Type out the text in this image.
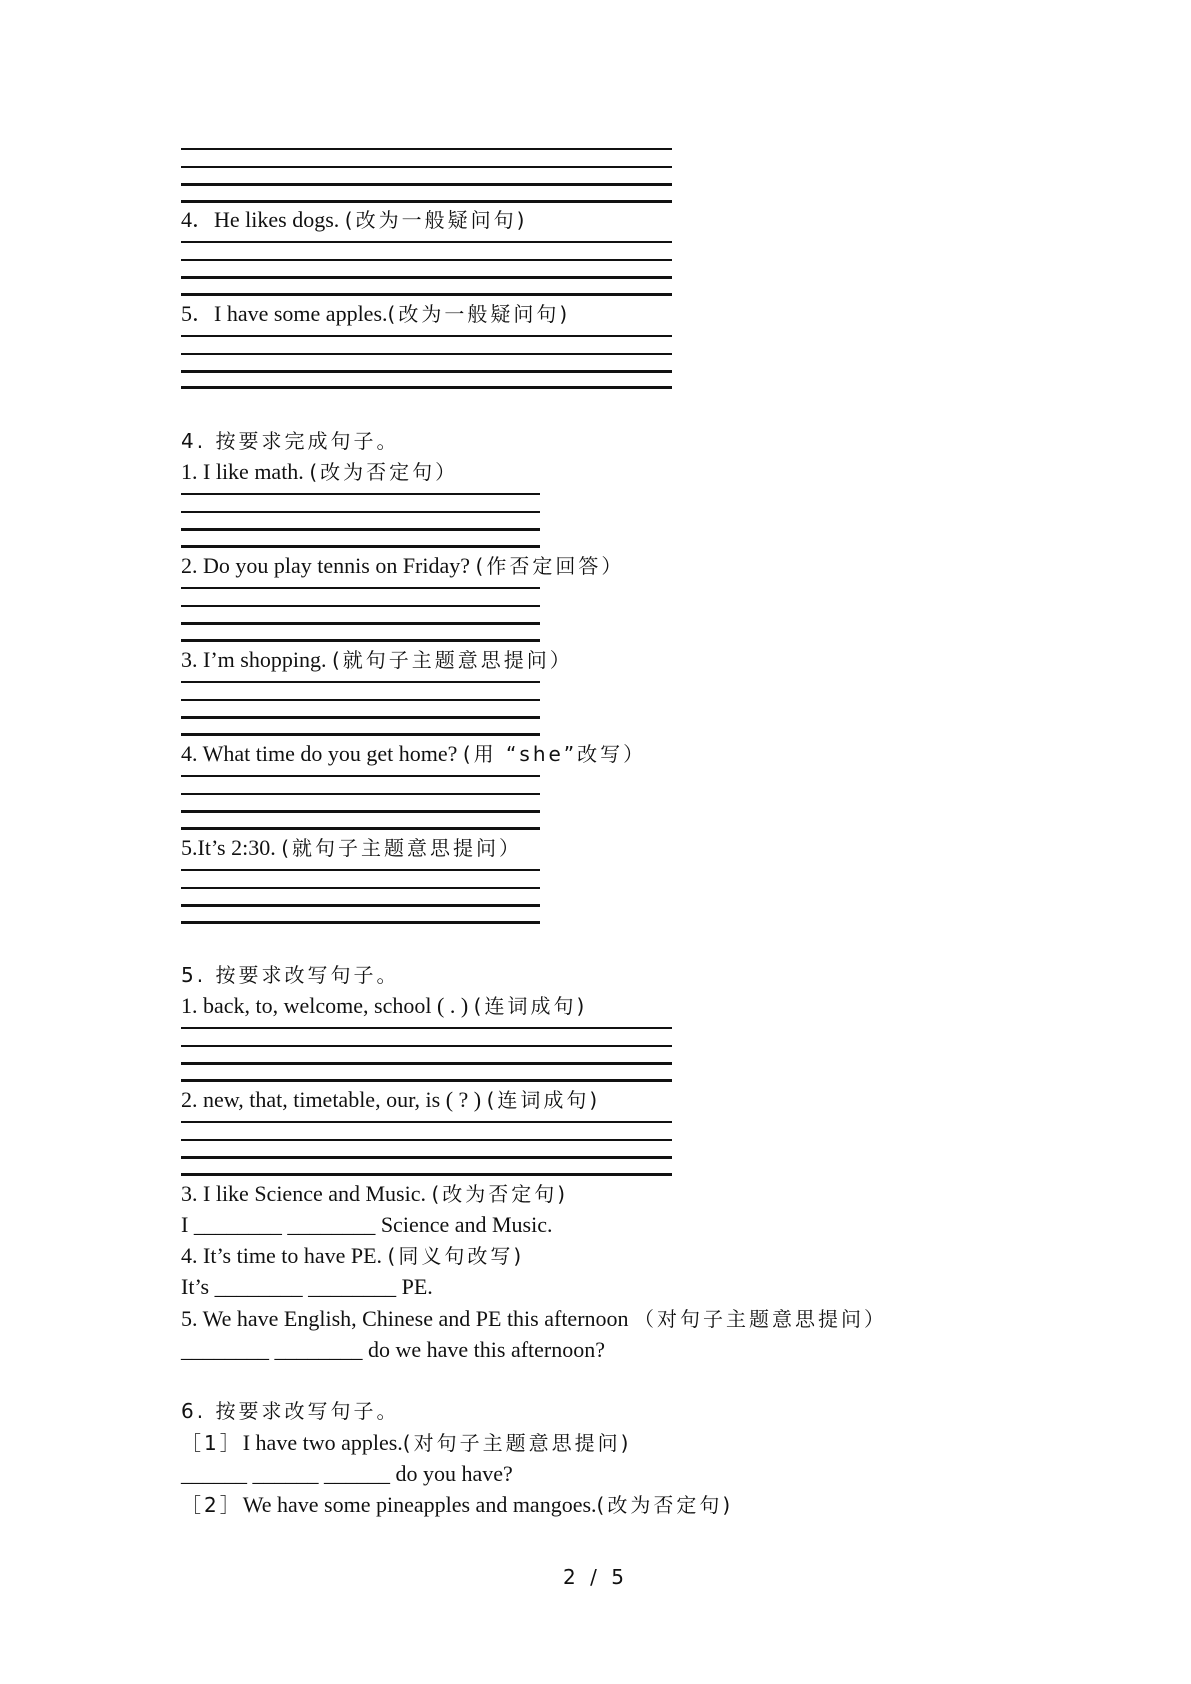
4．He likes dogs. (改为一般疑问句)
5．I have some apples.(改为一般疑问句)
4. 按要求完成句子。
1. I like math. (改为否定句）
2. Do you play tennis on Friday? (作否定回答）
3. I’m shopping. (就句子主题意思提问）
4. What time do you get home? (用 “she”改写）
5.It’s 2:30. (就句子主题意思提问）
5. 按要求改写句子。
1. back, to, welcome, school ( . ) (连词成句)
2. new, that, timetable, our, is ( ? ) (连词成句)
3. I like Science and Music. (改为否定句)
I ________ ________ Science and Music.
4. It’s time to have PE. (同义句改写)
It’s ________ ________ PE.
5. We have English, Chinese and PE this afternoon （对句子主题意思提问）
________ ________ do we have this afternoon?
6. 按要求改写句子。
［1］I have two apples.(对句子主题意思提问)
______ ______ ______ do you have?
［2］We have some pineapples and mangoes.(改为否定句)
2 / 5
